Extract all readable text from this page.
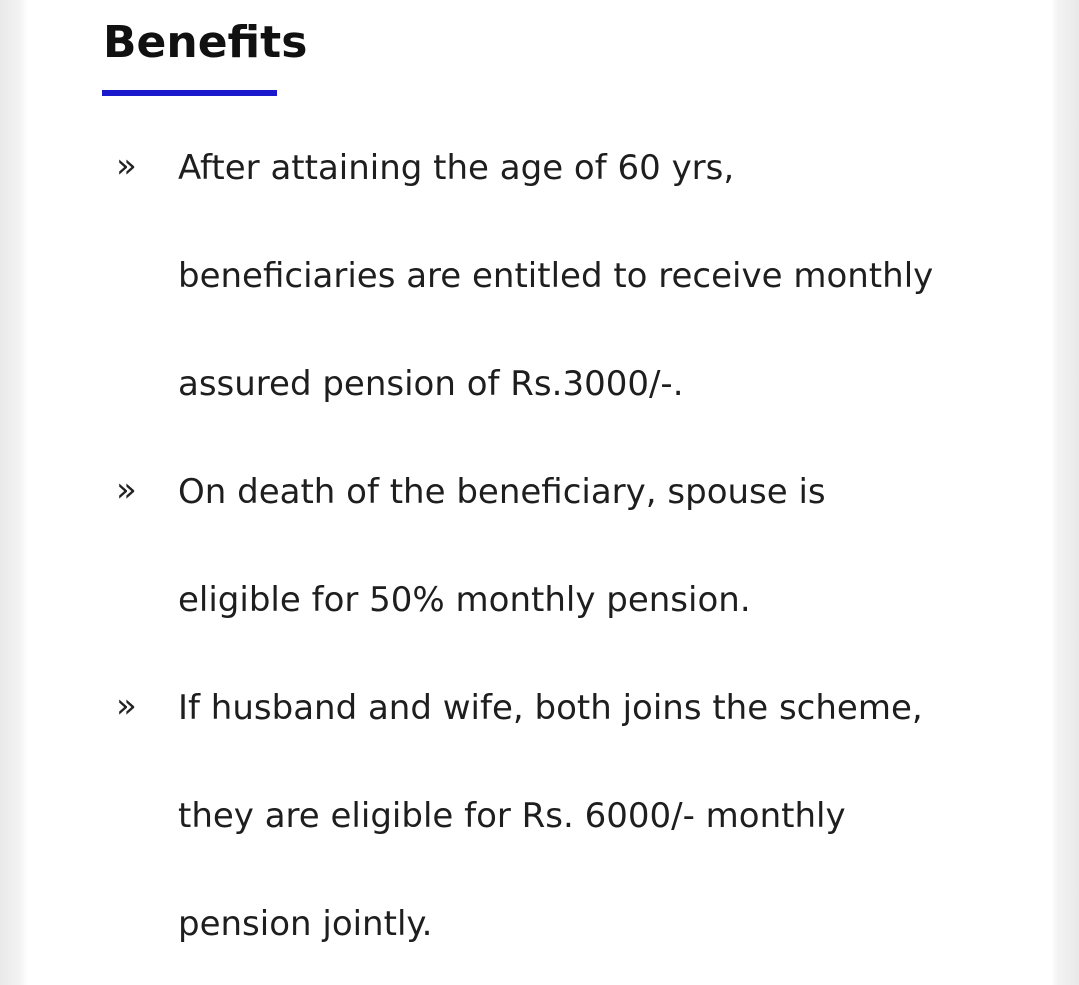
Benefits
» After attaining the age of 60 yrs,
beneficiaries are entitled to receive monthly
assured pension of Rs.3000/-.
» On death of the beneficiary, spouse is
eligible for 50% monthly pension.
» If husband and wife, both joins the scheme,
they are eligible for Rs. 6000/- monthly
pension jointly.
